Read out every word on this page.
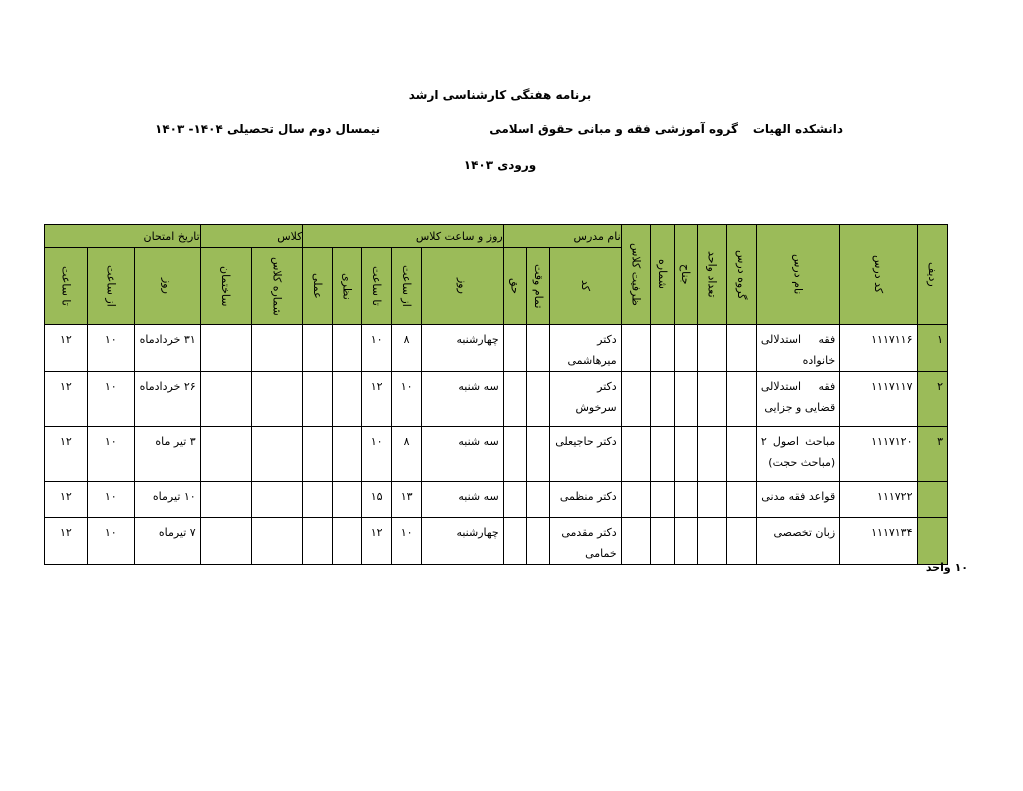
برنامه هفتگی کارشناسی ارشد
دانشکده الهیات
گروه آموزشی فقه و مبانی حقوق اسلامی
نیمسال دوم سال تحصیلی ۱۴۰۴- ۱۴۰۳
ورودی ۱۴۰۳
ردیف	کد درس	نام درس	گروه درس	تعداد واحد	جناح	شماره	ظرفیت کلاس	نام مدرس			روز و ساعت کلاس					کلاس		تاریخ امتحان		

								کد	تمام وقت	حق	روز	از ساعت	تا ساعت	نظری	عملی	شماره کلاس	ساختمان	روز	از ساعت	تا ساعت

۱	۱۱۱۷۱۱۶	فقه استدلالی خانواده						دکتر میرهاشمی			چهارشنبه	۸	۱۰					۳۱ خردادماه	۱۰	۱۲
۲	۱۱۱۷۱۱۷	فقه استدلالی قضایی و جزایی						دکتر سرخوش			سه شنبه	۱۰	۱۲					۲۶ خردادماه	۱۰	۱۲
۳	۱۱۱۷۱۲۰	مباحث اصول ۲ (مباحث حجت)						دکتر حاجیعلی			سه شنبه	۸	۱۰					۳ تیر ماه	۱۰	۱۲
	۱۱۱۷۲۲	قواعد فقه مدنی						دکتر منظمی			سه شنبه	۱۳	۱۵					۱۰ تیرماه	۱۰	۱۲
	۱۱۱۷۱۳۴	زبان تخصصی						دکتر مقدمی خمامی			چهارشنبه	۱۰	۱۲					۷ تیرماه	۱۰	۱۲
۱۰ واحد
